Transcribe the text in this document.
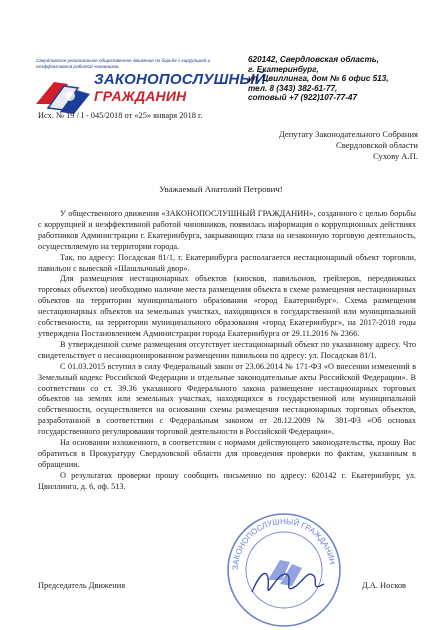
Свердловское региональное общественное движение по борьбе с коррупцией и неэффективной работой чиновников
ЗАКОНОПОСЛУШНЫЙ
ГРАЖДАНИН
620142, Свердловская область,
г. Екатеринбург,
ул. Цвиллинга, дом № 6 офис 513,
тел. 8 (343) 382-61-77,
сотовый +7 (922)107-77-47
Исх. № 19 / I - 045/2018 от «25» января 2018 г.
Депутату Законодательного Собрания
Свердловской области
Сухову А.П.
Уважаемый Анатолий Петрович!

У общественного движения «ЗАКОНОПОСЛУШНЫЙ ГРАЖДАНИН», созданного с целью борьбы с коррупцией и неэффективной работой чиновников, появилась информация о коррупционных действиях работников Администрации г. Екатеринбурга, закрывающих глаза на незаконную торговую деятельность, осуществляемую на территории города.

Так, по адресу: Посадская 81/1, г. Екатеринбурга располагается нестационарный объект торговли, павильон с вывеской «Шашлычный двор».

Для размещения нестационарных объектов (киосков, павильонов, трейлеров, передвижных торговых объектов) необходимо наличие места размещения объекта в схеме размещения нестационарных объектов на территории муниципального образования «город Екатеринбург». Схема размещения нестационарных объектов на земельных участках, находящихся в государственной или муниципальной собственности, на территории муниципального образования «город Екатеринбург», на 2017-2018 годы утверждена Постановлением Администрации города Екатеринбурга от 29.11.2016 № 2366.

В утвержденной схеме размещения отсутствует нестационарный объект по указанному адресу. Что свидетельствует о несанкционированном размещении павильона по адресу: ул. Посадская 81/1.

С 01.03.2015 вступил в силу Федеральный закон от 23.06.2014 № 171-ФЗ «О внесении изменений в Земельный кодекс Российской Федерации и отдельные законодательные акты Российской Федерации». В соответствии со ст. 39.36 указанного Федерального закона размещение нестационарных торговых объектов на землях или земельных участках, находящихся в государственной или муниципальной собственности, осуществляется на основании схемы размещения нестационарных торговых объектов, разработанной в соответствии с Федеральным законом от 28.12.2009 № 381-ФЗ «Об основах государственного регулирования торговой деятельности в Российской Федерации».

На основании изложенного, в соответствии с нормами действующего законодательства, прошу Вас обратиться в Прокуратуру Свердловской области для проведения проверки по фактам, указанным в обращении.

О результатах проверки прошу сообщить письменно по адресу: 620142 г. Екатеринбург, ул. Цвиллинга, д. 6, оф. 513.

ЗАКОНОПОСЛУШНЫЙ ГРАЖДАНИН
Председатель Движения	Д.А. Носков
